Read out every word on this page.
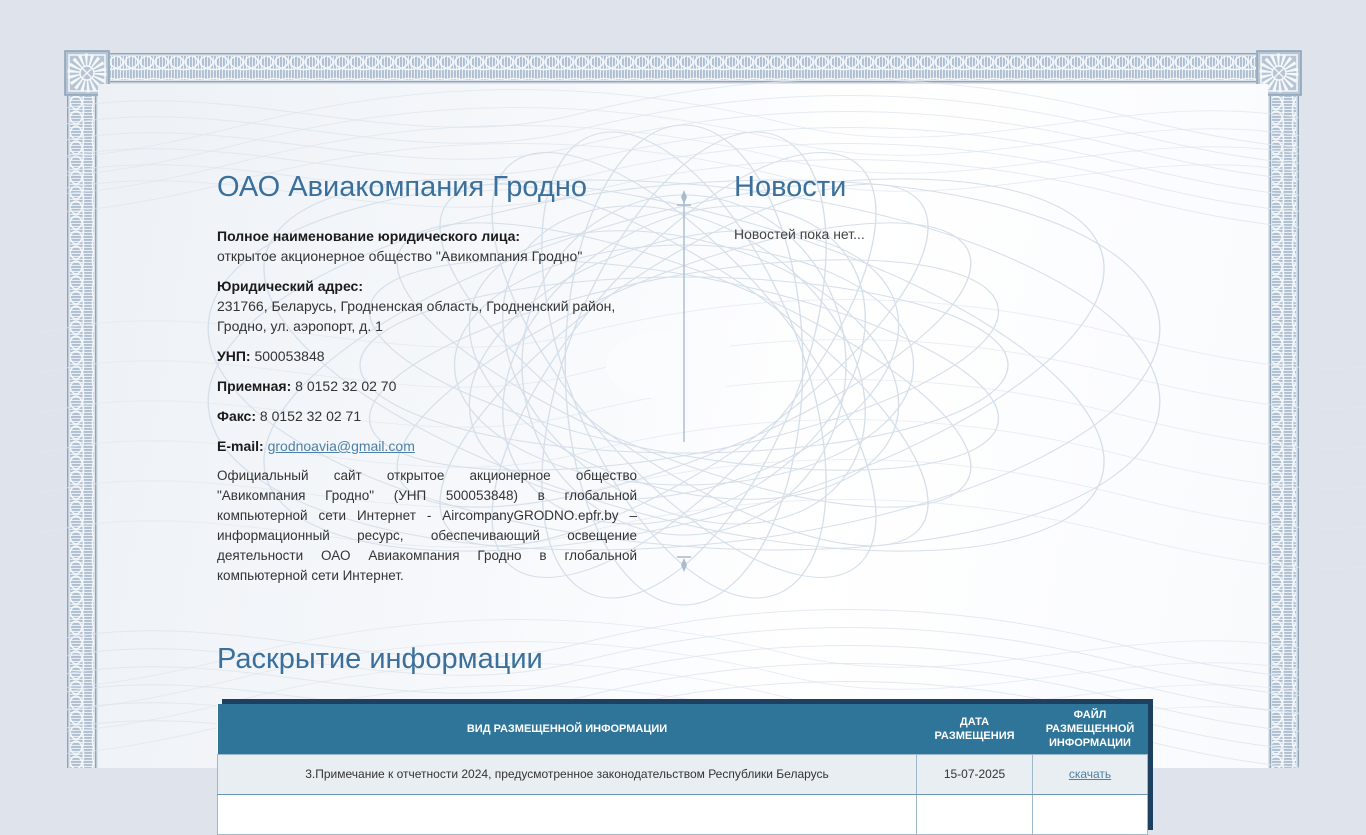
ОАО Авиакомпания Гродно

Полное наименование юридического лица:
открытое акционерное общество "Авикомпания Гродно"

Юридический адрес:
231766, Беларусь, Гродненская область, Гродненский район, Гродно, ул. аэропорт, д. 1

УНП: 500053848

Приемная: 8 0152 32 02 70

Факс: 8 0152 32 02 71

E-mail: grodnoavia@gmail.com

Официальный сайт открытое акционерное общество "Авикомпания Гродно" (УНП 500053848) в глобальной компьютерной сети Интернет - AircompanyGRODNO.epfr.by – информационный ресурс, обеспечивающий освещение деятельности ОАО Авиакомпания Гродно в глобальной компьютерной сети Интернет.

Новости

Новостей пока нет...

Раскрытие информации
ВИД РАЗМЕЩЕННОЙ ИНФОРМАЦИИ	ДАТА РАЗМЕЩЕНИЯ	ФАЙЛ РАЗМЕЩЕННОЙ ИНФОРМАЦИИ
3.Примечание к отчетности 2024, предусмотренное законодательством Республики Беларусь	15-07-2025	скачать
